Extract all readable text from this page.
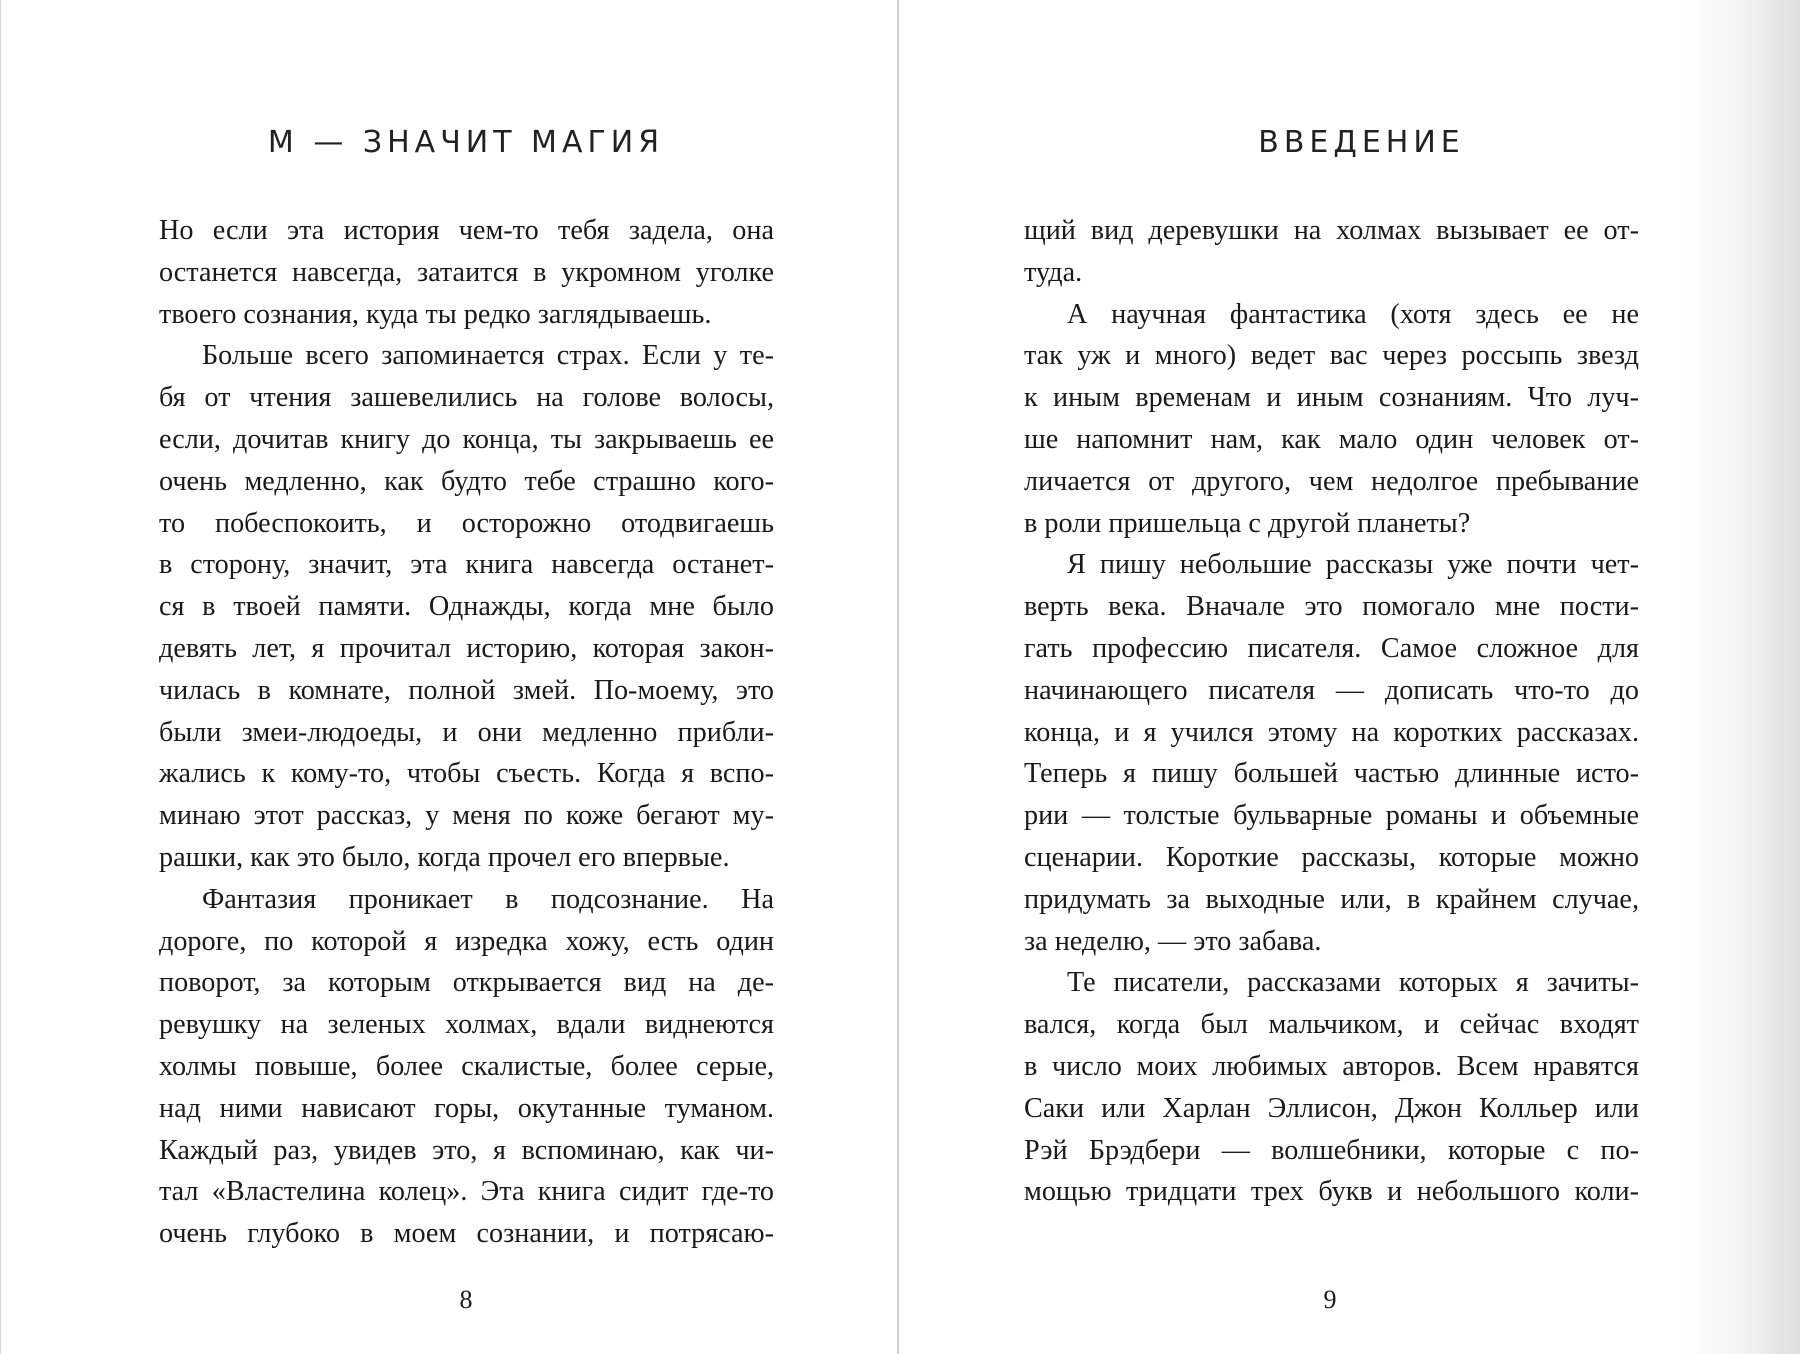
М — ЗНАЧИТ МАГИЯ
Но если эта история чем-то тебя задела, она
останется навсегда, затаится в укромном уголке
твоего сознания, куда ты редко заглядываешь.
Больше всего запоминается страх. Если у те-
бя от чтения зашевелились на голове волосы,
если, дочитав книгу до конца, ты закрываешь ее
очень медленно, как будто тебе страшно кого-
то побеспокоить, и осторожно отодвигаешь
в сторону, значит, эта книга навсегда останет-
ся в твоей памяти. Однажды, когда мне было
девять лет, я прочитал историю, которая закон-
чилась в комнате, полной змей. По-моему, это
были змеи-людоеды, и они медленно прибли-
жались к кому-то, чтобы съесть. Когда я вспо-
минаю этот рассказ, у меня по коже бегают му-
рашки, как это было, когда прочел его впервые.
Фантазия проникает в подсознание. На
дороге, по которой я изредка хожу, есть один
поворот, за которым открывается вид на де-
ревушку на зеленых холмах, вдали виднеются
холмы повыше, более скалистые, более серые,
над ними нависают горы, окутанные туманом.
Каждый раз, увидев это, я вспоминаю, как чи-
тал «Властелина колец». Эта книга сидит где-то
очень глубоко в моем сознании, и потрясаю-
8
ВВЕДЕНИЕ
щий вид деревушки на холмах вызывает ее от-
туда.
А научная фантастика (хотя здесь ее не
так уж и много) ведет вас через россыпь звезд
к иным временам и иным сознаниям. Что луч-
ше напомнит нам, как мало один человек от-
личается от другого, чем недолгое пребывание
в роли пришельца с другой планеты?
Я пишу небольшие рассказы уже почти чет-
верть века. Вначале это помогало мне пости-
гать профессию писателя. Самое сложное для
начинающего писателя — дописать что-то до
конца, и я учился этому на коротких рассказах.
Теперь я пишу большей частью длинные исто-
рии — толстые бульварные романы и объемные
сценарии. Короткие рассказы, которые можно
придумать за выходные или, в крайнем случае,
за неделю, — это забава.
Те писатели, рассказами которых я зачиты-
вался, когда был мальчиком, и сейчас входят
в число моих любимых авторов. Всем нравятся
Саки или Харлан Эллисон, Джон Колльер или
Рэй Брэдбери — волшебники, которые с по-
мощью тридцати трех букв и небольшого коли-
9
